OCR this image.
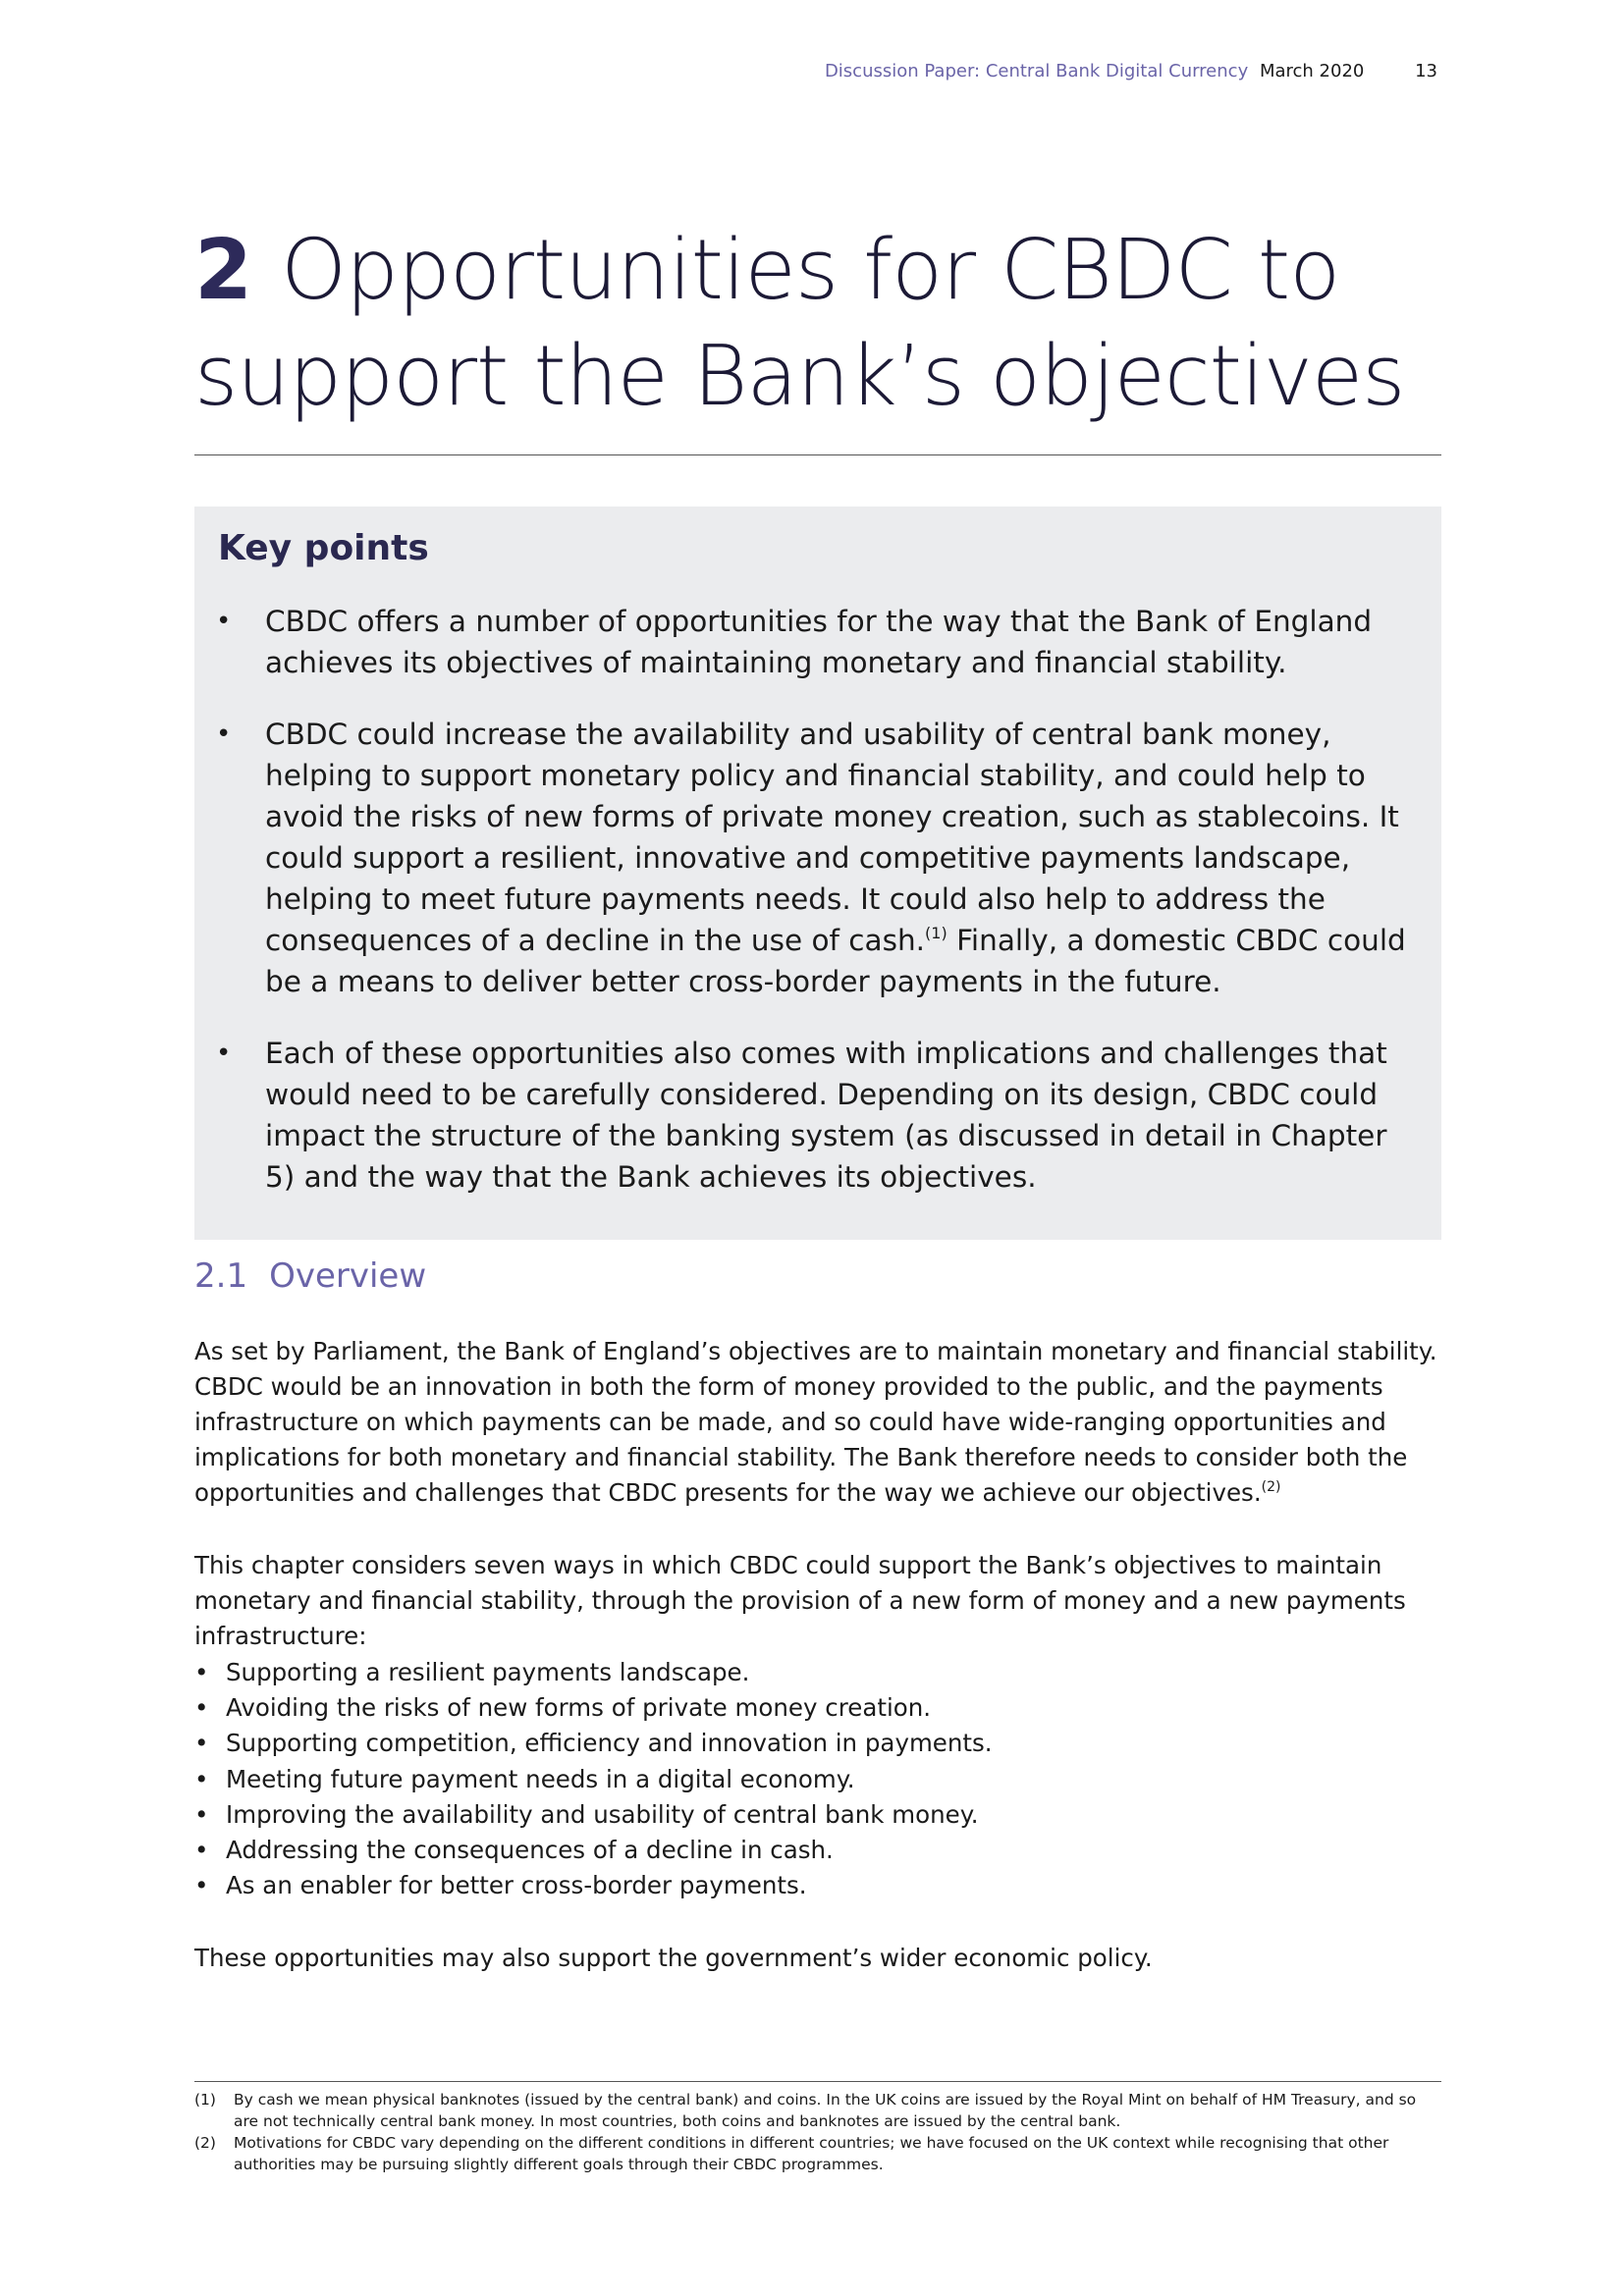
Discussion Paper: Central Bank Digital Currency March 2020	13
2 Opportunities for CBDC to
support the Bank’s objectives
Key points
• CBDC offers a number of opportunities for the way that the Bank of England achieves its objectives of maintaining monetary and financial stability.
• CBDC could increase the availability and usability of central bank money, helping to support monetary policy and financial stability, and could help to avoid the risks of new forms of private money creation, such as stablecoins. It could support a resilient, innovative and competitive payments landscape, helping to meet future payments needs. It could also help to address the consequences of a decline in the use of cash.$^{(1)}$ Finally, a domestic CBDC could be a means to deliver better cross-border payments in the future.
• Each of these opportunities also comes with implications and challenges that would need to be carefully considered. Depending on its design, CBDC could impact the structure of the banking system (as discussed in detail in Chapter 5) and the way that the Bank achieves its objectives.
2.1 Overview

As set by Parliament, the Bank of England’s objectives are to maintain monetary and financial stability. CBDC would be an innovation in both the form of money provided to the public, and the payments infrastructure on which payments can be made, and so could have wide-ranging opportunities and implications for both monetary and financial stability. The Bank therefore needs to consider both the opportunities and challenges that CBDC presents for the way we achieve our objectives.$^{(2)}$

This chapter considers seven ways in which CBDC could support the Bank’s objectives to maintain monetary and financial stability, through the provision of a new form of money and a new payments infrastructure:

• Supporting a resilient payments landscape.
• Avoiding the risks of new forms of private money creation.
• Supporting competition, efficiency and innovation in payments.
• Meeting future payment needs in a digital economy.
• Improving the availability and usability of central bank money.
• Addressing the consequences of a decline in cash.
• As an enabler for better cross-border payments.

These opportunities may also support the government’s wider economic policy.

(1) By cash we mean physical banknotes (issued by the central bank) and coins. In the UK coins are issued by the Royal Mint on behalf of HM Treasury, and so are not technically central bank money. In most countries, both coins and banknotes are issued by the central bank.
(2) Motivations for CBDC vary depending on the different conditions in different countries; we have focused on the UK context while recognising that other authorities may be pursuing slightly different goals through their CBDC programmes.
